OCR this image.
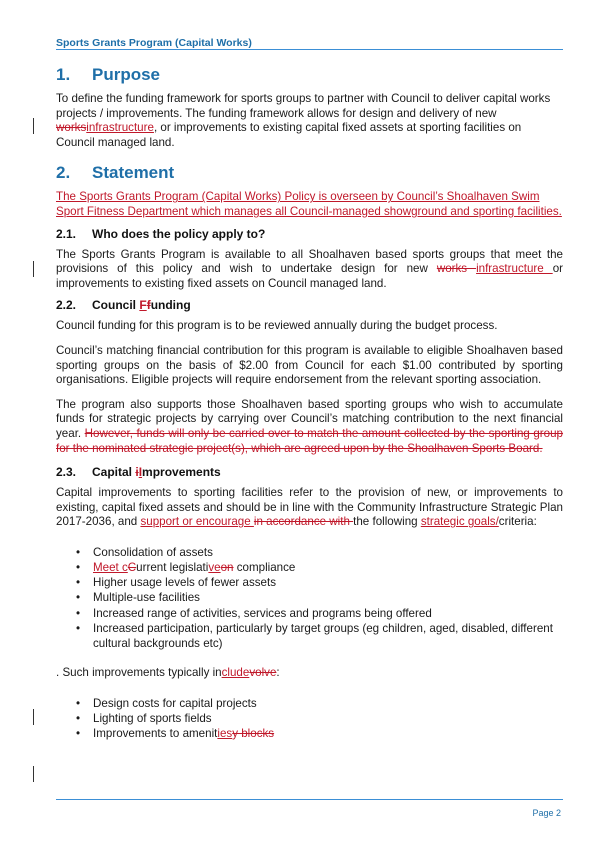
Sports Grants Program (Capital Works)
1. Purpose

To define the funding framework for sports groups to partner with Council to deliver capital works projects / improvements. The funding framework allows for design and delivery of new worksinfrastructure, or improvements to existing capital fixed assets at sporting facilities on Council managed land.

2. Statement

The Sports Grants Program (Capital Works) Policy is overseen by Council’s Shoalhaven Swim Sport Fitness Department which manages all Council-managed showground and sporting facilities.

2.1. Who does the policy apply to?

The Sports Grants Program is available to all Shoalhaven based sports groups that meet the provisions of this policy and wish to undertake design for new works infrastructure or improvements to existing fixed assets on Council managed land.

2.2. Council Ffunding

Council funding for this program is to be reviewed annually during the budget process.

Council’s matching financial contribution for this program is available to eligible Shoalhaven based sporting groups on the basis of $2.00 from Council for each $1.00 contributed by sporting organisations. Eligible projects will require endorsement from the relevant sporting association.

The program also supports those Shoalhaven based sporting groups who wish to accumulate funds for strategic projects by carrying over Council’s matching contribution to the next financial year. However, funds will only be carried over to match the amount collected by the sporting group for the nominated strategic project(s), which are agreed upon by the Shoalhaven Sports Board.

2.3. Capital iImprovements

Capital improvements to sporting facilities refer to the provision of new, or improvements to existing, capital fixed assets and should be in line with the Community Infrastructure Strategic Plan 2017-2036, and support or encourage in accordance with the following strategic goals/criteria:

• Consolidation of assets
• Meet cCurrent legislativeon compliance
• Higher usage levels of fewer assets
• Multiple-use facilities
• Increased range of activities, services and programs being offered
• Increased participation, particularly by target groups (eg children, aged, disabled, different cultural backgrounds etc)

. Such improvements typically includevolve:

• Design costs for capital projects
• Lighting of sports fields
• Improvements to amenitiesy blocks
Page 2
